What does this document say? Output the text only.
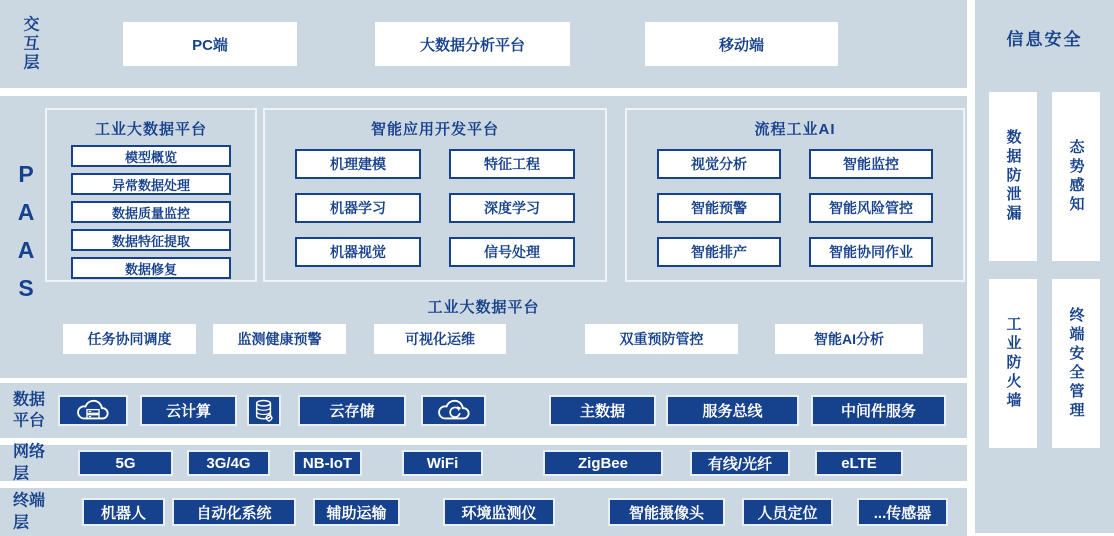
交互层	PC端	大数据分析平台	移动端
PAAS
工业大数据平台
模型概览
异常数据处理
数据质量监控
数据特征提取
数据修复
智能应用开发平台
机理建模	特征工程
机器学习	深度学习
机器视觉	信号处理
流程工业AI
视觉分析	智能监控
智能预警	智能风险管控
智能排产	智能协同作业
工业大数据平台
任务协同调度	监测健康预警	可视化运维	双重预防管控	智能AI分析
数据平台
云计算	云存储	主数据	服务总线	中间件服务
网络层
5G	3G/4G	NB-IoT	WiFi	ZigBee	有线/光纤	eLTE
终端层
机器人	自动化系统	辅助运输	环境监测仪	智能摄像头	人员定位	...传感器
信息安全
数据防泄漏	态势感知
工业防火墙	终端安全管理
